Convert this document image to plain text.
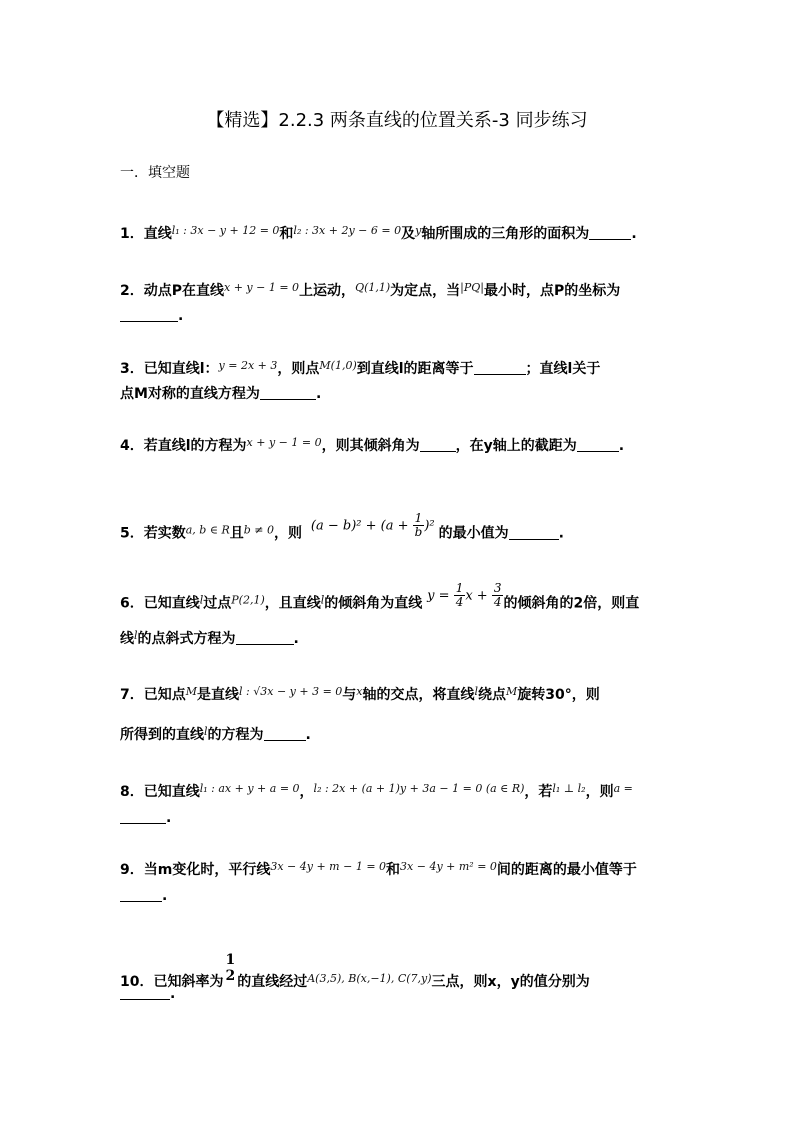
【精选】2.2.3 两条直线的位置关系-3 同步练习
一．填空题
1．直线$^{l_1 : 3x - y + 12 = 0}$和$^{l_2 : 3x + 2y - 6 = 0}$及$^y$轴所围成的三角形的面积为	.
2．动点P在直线$^{x + y - 1 = 0}$上运动，$^{Q(1,1)}$为定点，当$^{|PQ|}$最小时，点P的坐标为
.
3．已知直线l：$^{y = 2x + 3}$，则点$^{M(1,0)}$到直线l的距离等于	；直线l关于
点M对称的直线方程为	.
4．若直线l的方程为$^{x + y - 1 = 0}$，则其倾斜角为	，在y轴上的截距为	.
5．若实数$^{a, b \in R}$且$^{b \ne 0}$，则 $(a - b)^2 + (a + \frac{1}{b} )^2$ 的最小值为	.
6．已知直线$^l$过点$^{P(2,1)}$，且直线$^l$的倾斜角为直线 $y = \frac{1}{4}$ $x + \frac{3}{4}$ 的倾斜角的2倍，则直
线$^l$的点斜式方程为	.
7．已知点$^M$是直线$^{l : √3x - y + 3 = 0}$与$^x$轴的交点，将直线$^l$绕点$^M$旋转30°，则
所得到的直线$^l$的方程为	.
8．已知直线$^{l_1 : ax + y + a = 0}$，$^{l_2 : 2x + (a + 1)y + 3a - 1 = 0 (a \in R)}$，若$^{l_1 \perp l_2}$，则$^{a =}$
.
9．当m变化时，平行线$^{3x - 4y + m - 1 = 0}$和$^{3x - 4y + m^2 = 0}$间的距离的最小值等于
.
10．已知斜率为
1
2 的直线经过$^{A(3,5), B(x,-1), C(7,y)}$三点，则x，y的值分别为
.
